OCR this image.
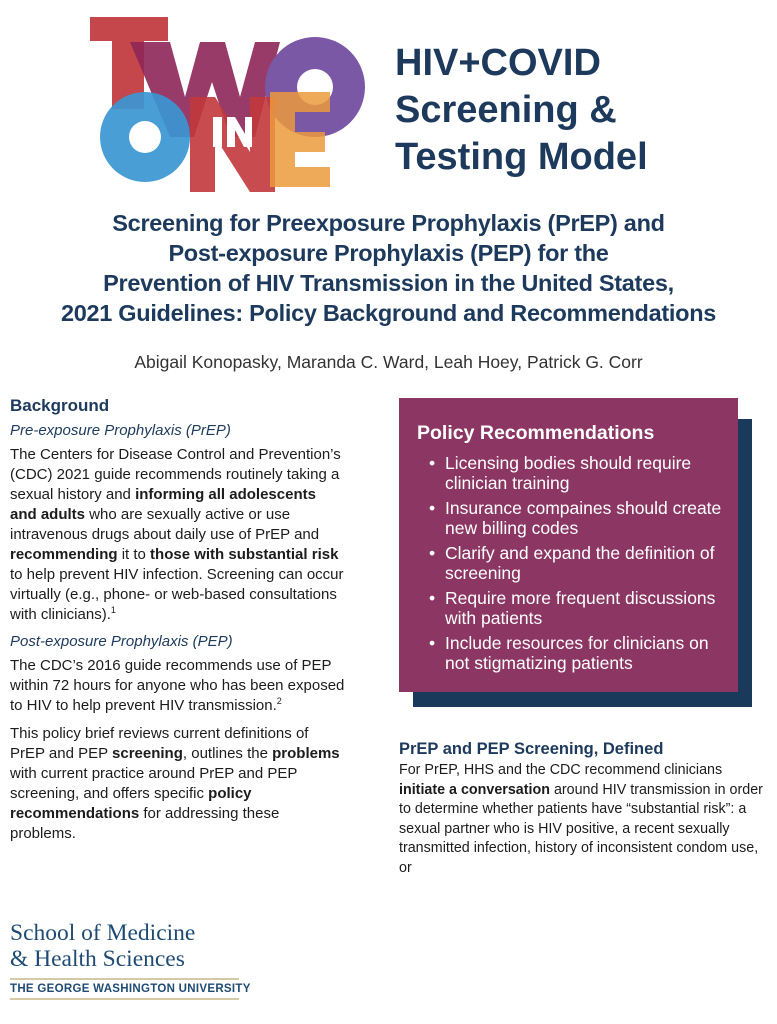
HIV+COVID
Screening &
Testing Model
Screening for Preexposure Prophylaxis (PrEP) and
Post-exposure Prophylaxis (PEP) for the
Prevention of HIV Transmission in the United States,
2021 Guidelines: Policy Background and Recommendations
Abigail Konopasky, Maranda C. Ward, Leah Hoey, Patrick G. Corr
Background
Pre-exposure Prophylaxis (PrEP)

The Centers for Disease Control and Prevention’s (CDC) 2021 guide recommends routinely taking a sexual history and informing all adolescents and adults who are sexually active or use intravenous drugs about daily use of PrEP and recommending it to those with substantial risk to help prevent HIV infection. Screening can occur virtually (e.g., phone- or web-based consultations with clinicians).$^1$

Post-exposure Prophylaxis (PEP)

The CDC’s 2016 guide recommends use of PEP within 72 hours for anyone who has been exposed to HIV to help prevent HIV transmission.$^2$

This policy brief reviews current definitions of PrEP and PEP screening, outlines the problems with current practice around PrEP and PEP screening, and offers specific policy recommendations for addressing these problems.

Policy Recommendations
• Licensing bodies should require clinician training
• Insurance compaines should create new billing codes
• Clarify and expand the definition of screening
• Require more frequent discussions with patients
• Include resources for clinicians on not stigmatizing patients
PrEP and PEP Screening, Defined

For PrEP, HHS and the CDC recommend clinicians initiate a conversation around HIV transmission in order to determine whether patients have “substantial risk”: a sexual partner who is HIV positive, a recent sexually transmitted infection, history of inconsistent condom use, or

School of Medicine
& Health Sciences
THE GEORGE WASHINGTON UNIVERSITY
